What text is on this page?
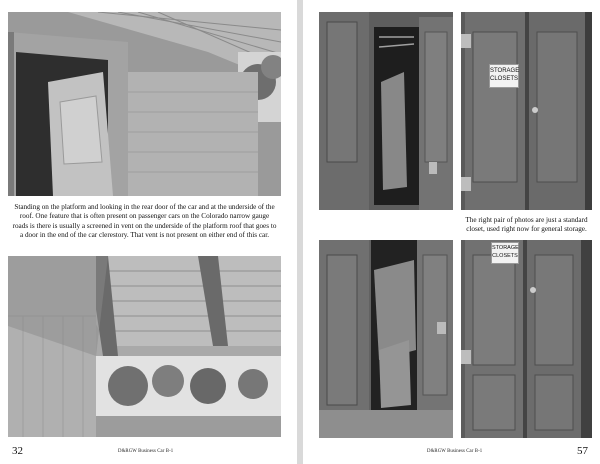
Standing on the platform and looking in the rear door of the car and at the underside of the roof. One feature that is often present on passenger cars on the Colorado narrow gauge roads is there is usually a screened in vent on the underside of the platform roof that goes to a door in the end of the car clerestory. That vent is not present on either end of this car.
32	D&RGW Business Car B-1
STORAGE
CLOSETS
The right pair of photos are just a standard closet, used right now for general storage.
STORAGE
CLOSETS
D&RGW Business Car B-1	57
